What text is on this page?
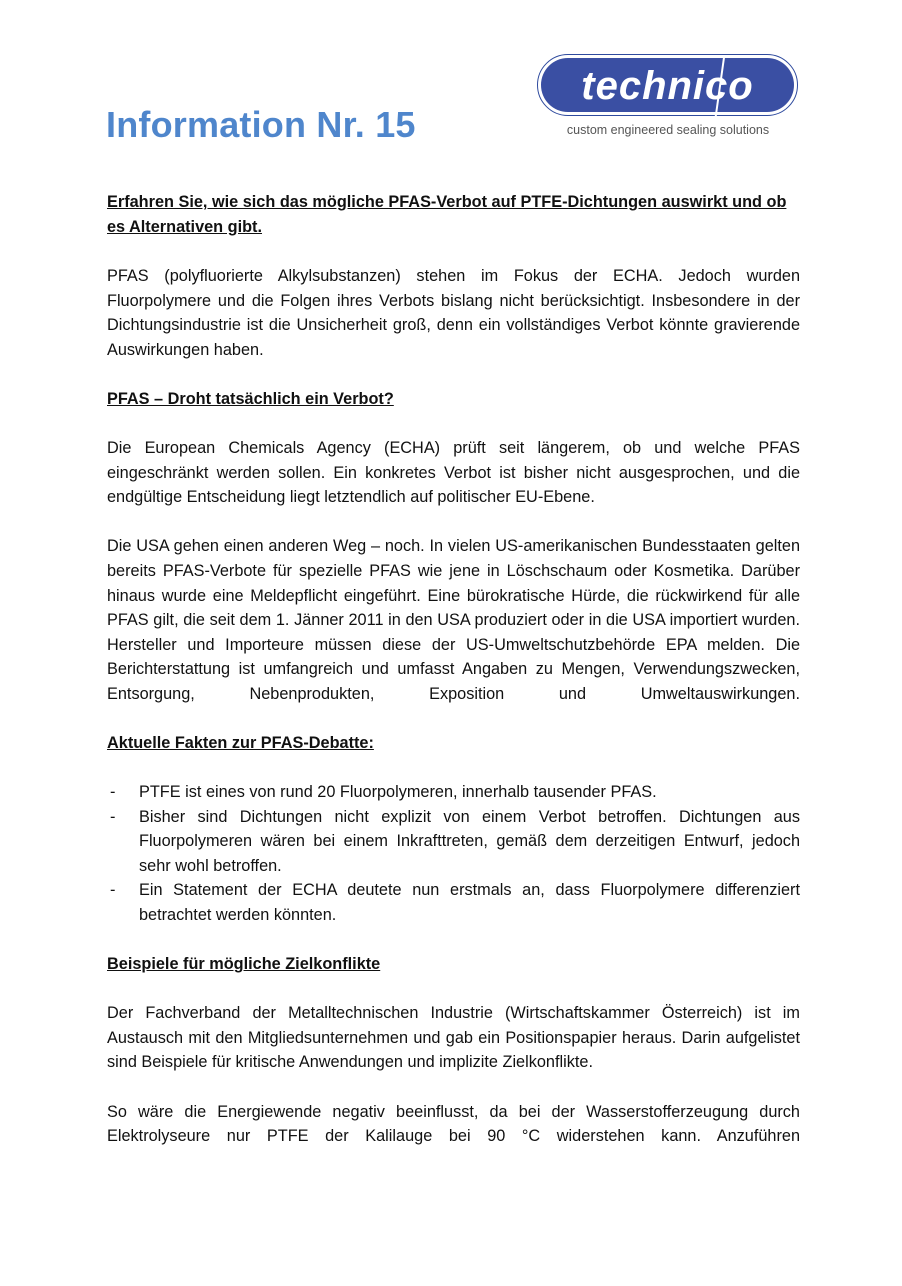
Information Nr. 15
technico
custom engineered sealing solutions

Erfahren Sie, wie sich das mögliche PFAS-Verbot auf PTFE-Dichtungen auswirkt und ob es Alternativen gibt.

PFAS (polyfluorierte Alkylsubstanzen) stehen im Fokus der ECHA. Jedoch wurden Fluorpolymere und die Folgen ihres Verbots bislang nicht berücksichtigt. Insbesondere in der Dichtungsindustrie ist die Unsicherheit groß, denn ein vollständiges Verbot könnte gravierende Auswirkungen haben.

PFAS – Droht tatsächlich ein Verbot?

Die European Chemicals Agency (ECHA) prüft seit längerem, ob und welche PFAS eingeschränkt werden sollen. Ein konkretes Verbot ist bisher nicht ausgesprochen, und die endgültige Entscheidung liegt letztendlich auf politischer EU-Ebene.

Die USA gehen einen anderen Weg – noch. In vielen US-amerikanischen Bundesstaaten gelten bereits PFAS-Verbote für spezielle PFAS wie jene in Löschschaum oder Kosmetika. Darüber hinaus wurde eine Meldepflicht eingeführt. Eine bürokratische Hürde, die rückwirkend für alle PFAS gilt, die seit dem 1. Jänner 2011 in den USA produziert oder in die USA importiert wurden. Hersteller und Importeure müssen diese der US-Umweltschutzbehörde EPA melden. Die Berichterstattung ist umfangreich und umfasst Angaben zu Mengen, Verwendungszwecken, Entsorgung, Nebenprodukten, Exposition und Umweltauswirkungen.

Aktuelle Fakten zur PFAS-Debatte:

- PTFE ist eines von rund 20 Fluorpolymeren, innerhalb tausender PFAS.
- Bisher sind Dichtungen nicht explizit von einem Verbot betroffen. Dichtungen aus Fluorpolymeren wären bei einem Inkrafttreten, gemäß dem derzeitigen Entwurf, jedoch sehr wohl betroffen.
- Ein Statement der ECHA deutete nun erstmals an, dass Fluorpolymere differenziert betrachtet werden könnten.

Beispiele für mögliche Zielkonflikte

Der Fachverband der Metalltechnischen Industrie (Wirtschaftskammer Österreich) ist im Austausch mit den Mitgliedsunternehmen und gab ein Positionspapier heraus. Darin aufgelistet sind Beispiele für kritische Anwendungen und implizite Zielkonflikte.

So wäre die Energiewende negativ beeinflusst, da bei der Wasserstofferzeugung durch Elektrolyseure nur PTFE der Kalilauge bei 90 °C widerstehen kann. Anzuführen
